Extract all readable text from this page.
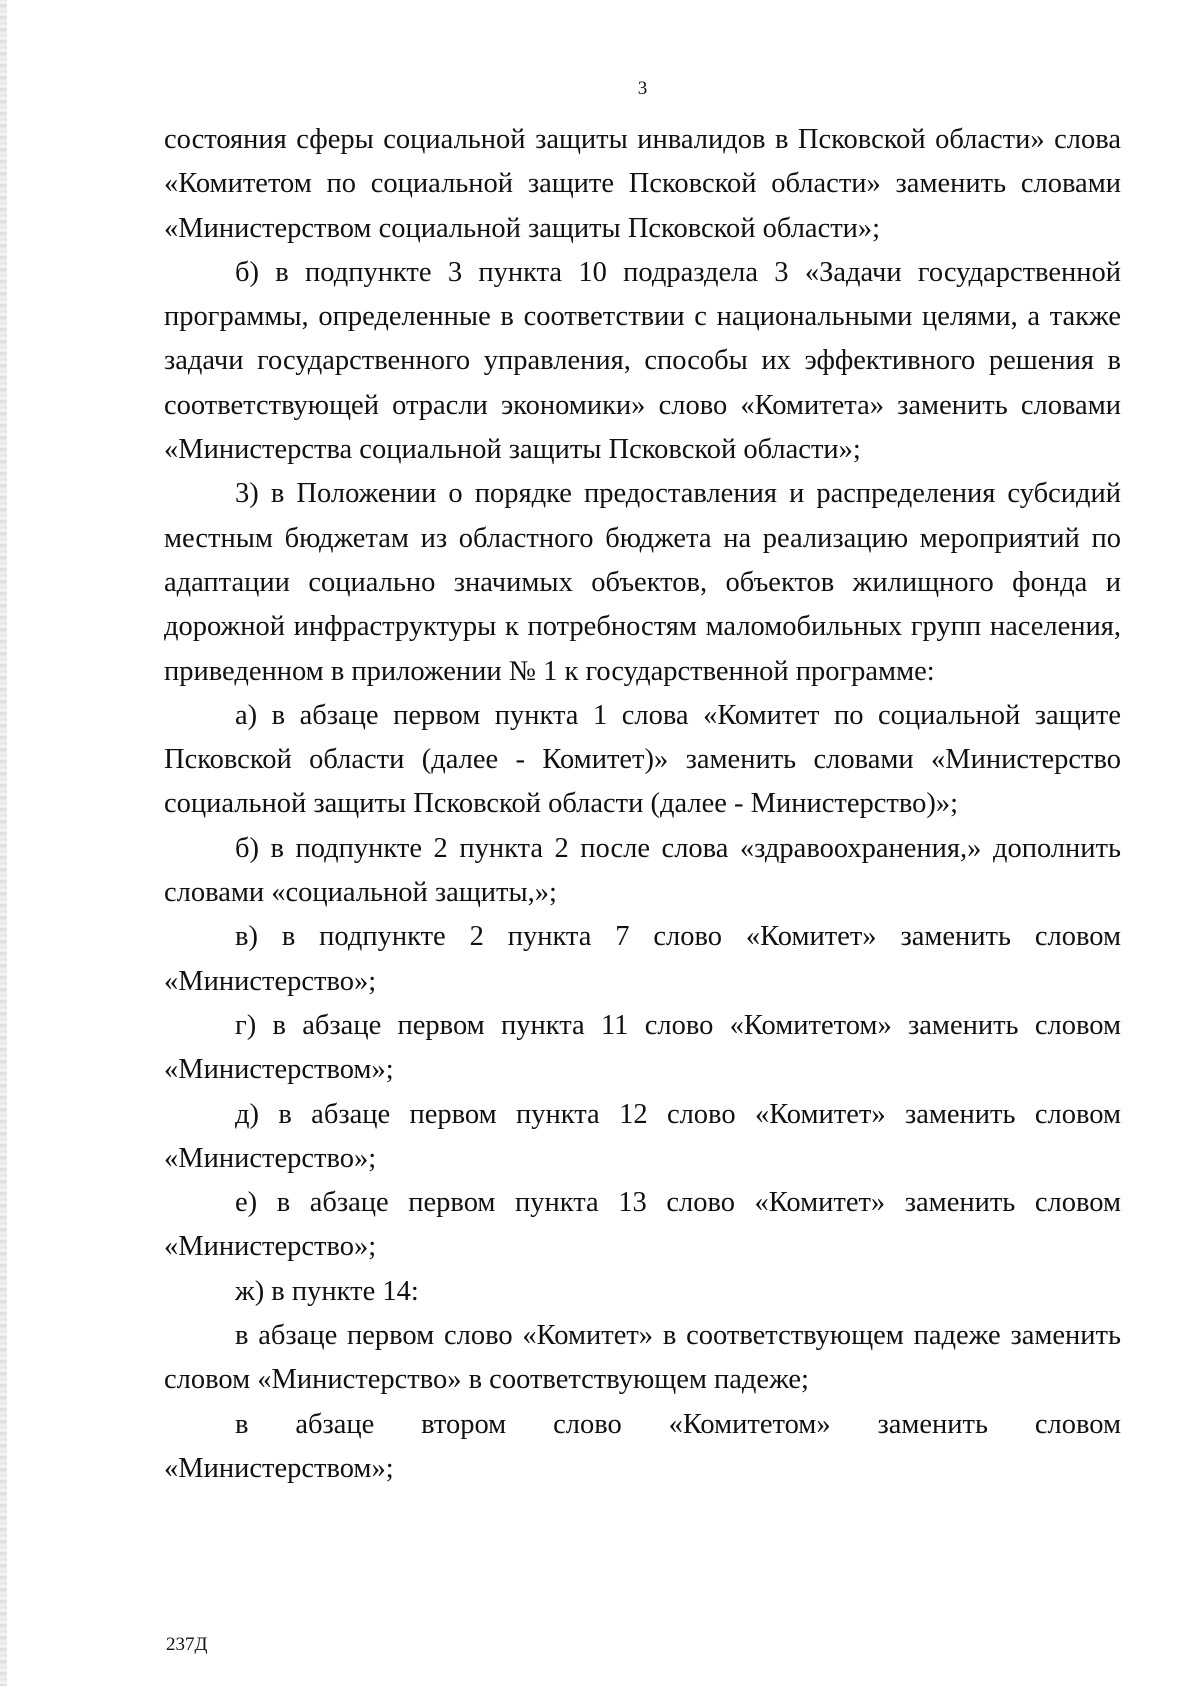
3

состояния сферы социальной защиты инвалидов в Псковской области» слова «Комитетом по социальной защите Псковской области» заменить словами «Министерством социальной защиты Псковской области»;

б) в подпункте 3 пункта 10 подраздела 3 «Задачи государственной программы, определенные в соответствии с национальными целями, а также задачи государственного управления, способы их эффективного решения в соответствующей отрасли экономики» слово «Комитета» заменить словами «Министерства социальной защиты Псковской области»;

3) в Положении о порядке предоставления и распределения субсидий местным бюджетам из областного бюджета на реализацию мероприятий по адаптации социально значимых объектов, объектов жилищного фонда и дорожной инфраструктуры к потребностям маломобильных групп населения, приведенном в приложении № 1 к государственной программе:

а) в абзаце первом пункта 1 слова «Комитет по социальной защите Псковской области (далее - Комитет)» заменить словами «Министерство социальной защиты Псковской области (далее - Министерство)»;

б) в подпункте 2 пункта 2 после слова «здравоохранения,» дополнить словами «социальной защиты,»;

в) в подпункте 2 пункта 7 слово «Комитет» заменить словом «Министерство»;

г) в абзаце первом пункта 11 слово «Комитетом» заменить словом «Министерством»;

д) в абзаце первом пункта 12 слово «Комитет» заменить словом «Министерство»;

е) в абзаце первом пункта 13 слово «Комитет» заменить словом «Министерство»;

ж) в пункте 14:

в абзаце первом слово «Комитет» в соответствующем падеже заменить словом «Министерство» в соответствующем падеже;

в абзаце втором слово «Комитетом» заменить словом

«Министерством»;

237Д
